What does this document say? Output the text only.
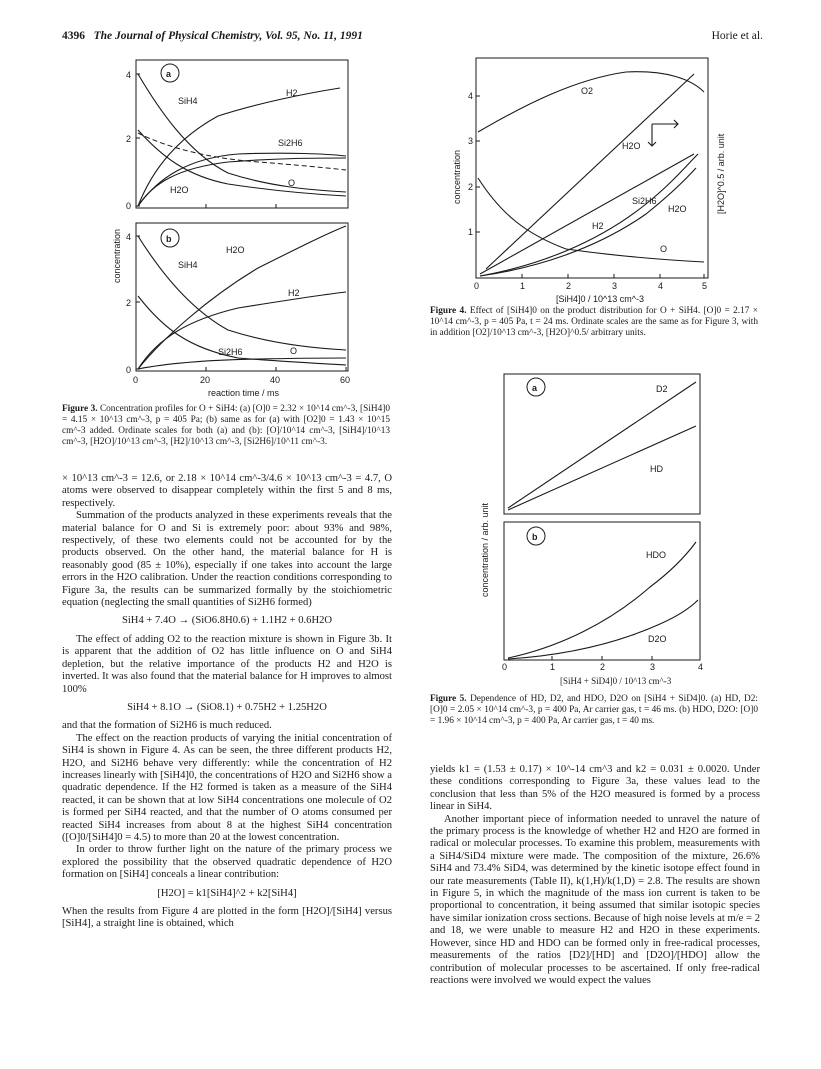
4396 The Journal of Physical Chemistry, Vol. 95, No. 11, 1991	Horie et al.
4
2
0
4
2
0
0	20	40	60
reaction time / ms
concentration
a
b
SiH4
H2
Si2H6
H2O
O
SiH4
H2O
H2
Si2H6	O
Figure 3. Concentration profiles for O + SiH4: (a) [O]0 = 2.32 × 10^14 cm^-3, [SiH4]0 = 4.15 × 10^13 cm^-3, p = 405 Pa; (b) same as for (a) with [O2]0 = 1.43 × 10^15 cm^-3 added. Ordinate scales for both (a) and (b): [O]/10^14 cm^-3, [SiH4]/10^13 cm^-3, [H2O]/10^13 cm^-3, [H2]/10^13 cm^-3, [Si2H6]/10^11 cm^-3.

× 10^13 cm^-3 = 12.6, or 2.18 × 10^14 cm^-3/4.6 × 10^13 cm^-3 = 4.7, O atoms were observed to disappear completely within the first 5 and 8 ms, respectively.

Summation of the products analyzed in these experiments reveals that the material balance for O and Si is extremely poor: about 93% and 98%, respectively, of these two elements could not be accounted for by the products observed. On the other hand, the material balance for H is reasonably good (85 ± 10%), especially if one takes into account the large errors in the H2O calibration. Under the reaction conditions corresponding to Figure 3a, the results can be summarized formally by the stoichiometric equation (neglecting the small quantities of Si2H6 formed)

SiH4 + 7.4O → (SiO6.8H0.6) + 1.1H2 + 0.6H2O

The effect of adding O2 to the reaction mixture is shown in Figure 3b. It is apparent that the addition of O2 has little influence on O and SiH4 depletion, but the relative importance of the products H2 and H2O is inverted. It was also found that the material balance for H improves to almost 100%

SiH4 + 8.1O → (SiO8.1) + 0.75H2 + 1.25H2O

and that the formation of Si2H6 is much reduced.

The effect on the reaction products of varying the initial concentration of SiH4 is shown in Figure 4. As can be seen, the three different products H2, H2O, and Si2H6 behave very differently: while the concentration of H2 increases linearly with [SiH4]0, the concentrations of H2O and Si2H6 show a quadratic dependence. If the H2 formed is taken as a measure of the SiH4 reacted, it can be shown that at low SiH4 concentrations one molecule of O2 is formed per SiH4 reacted, and that the number of O atoms consumed per reacted SiH4 increases from about 8 at the highest SiH4 concentration ([O]0/[SiH4]0 = 4.5) to more than 20 at the lowest concentration.

In order to throw further light on the nature of the primary process we explored the possibility that the observed quadratic dependence of H2O formation on [SiH4] conceals a linear contribution:

[H2O] = k1[SiH4]^2 + k2[SiH4]

When the results from Figure 4 are plotted in the form [H2O]/[SiH4] versus [SiH4], a straight line is obtained, which

4
3
2
1
0	1	2	3	4	5
[SiH4]0 / 10^13 cm^-3
concentration	[H2O]^0.5 / arb. unit
O2
H2O
Si2H6
H2
H2O
O
Figure 4. Effect of [SiH4]0 on the product distribution for O + SiH4. [O]0 = 2.17 × 10^14 cm^-3, p = 405 Pa, t = 24 ms. Ordinate scales are the same as for Figure 3, with in addition [O2]/10^13 cm^-3, [H2O]^0.5/ arbitrary units.
0	1	2	3	4
concentration / arb. unit
a
b
D2
HD
HDO
D2O
[SiH4 + SiD4]0 / 10^13 cm^-3
Figure 5. Dependence of HD, D2, and HDO, D2O on [SiH4 + SiD4]0. (a) HD, D2: [O]0 = 2.05 × 10^14 cm^-3, p = 400 Pa, Ar carrier gas, t = 46 ms. (b) HDO, D2O: [O]0 = 1.96 × 10^14 cm^-3, p = 400 Pa, Ar carrier gas, t = 40 ms.

yields k1 = (1.53 ± 0.17) × 10^-14 cm^3 and k2 = 0.031 ± 0.0020. Under these conditions corresponding to Figure 3a, these values lead to the conclusion that less than 5% of the H2O measured is formed by a process linear in SiH4.

Another important piece of information needed to unravel the nature of the primary process is the knowledge of whether H2 and H2O are formed in radical or molecular processes. To examine this problem, measurements with a SiH4/SiD4 mixture were made. The composition of the mixture, 26.6% SiH4 and 73.4% SiD4, was determined by the kinetic isotope effect found in our rate measurements (Table II), k(1,H)/k(1,D) = 2.8. The results are shown in Figure 5, in which the magnitude of the mass ion current is taken to be proportional to concentration, it being assumed that similar isotopic species have similar ionization cross sections. Because of high noise levels at m/e = 2 and 18, we were unable to measure H2 and H2O in these experiments. However, since HD and HDO can be formed only in free-radical processes, measurements of the ratios [D2]/[HD] and [D2O]/[HDO] allow the contribution of molecular processes to be ascertained. If only free-radical reactions were involved we would expect the values
